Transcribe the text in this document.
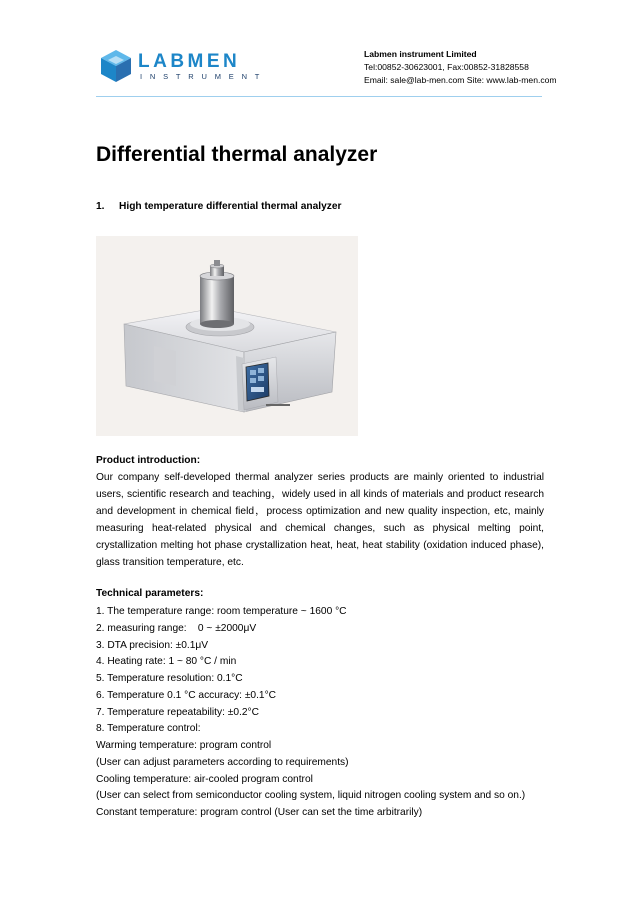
LABMEN
INSTRUMENT
Labmen instrument Limited
Tel:00852-30623001, Fax:00852-31828558
Email: sale@lab-men.com Site: www.lab-men.com
Differential thermal analyzer
1. High temperature differential thermal analyzer
Product introduction:
Our company self-developed thermal analyzer series products are mainly oriented to industrial users, scientific research and teaching，widely used in all kinds of materials and product research and development in chemical field，process optimization and new quality inspection, etc, mainly measuring heat-related physical and chemical changes, such as physical melting point, crystallization melting hot phase crystallization heat, heat, heat stability (oxidation induced phase), glass transition temperature, etc.
Technical parameters:
1. The temperature range: room temperature ~ 1600 °C
2. measuring range:    0 ~ ±2000μV
3. DTA precision: ±0.1μV
4. Heating rate: 1 ~ 80 °C / min
5. Temperature resolution: 0.1°C
6. Temperature 0.1 °C accuracy: ±0.1°C
7. Temperature repeatability: ±0.2°C
8. Temperature control:
Warming temperature: program control
(User can adjust parameters according to requirements)
Cooling temperature: air-cooled program control
(User can select from semiconductor cooling system, liquid nitrogen cooling system and so on.)
Constant temperature: program control (User can set the time arbitrarily)
